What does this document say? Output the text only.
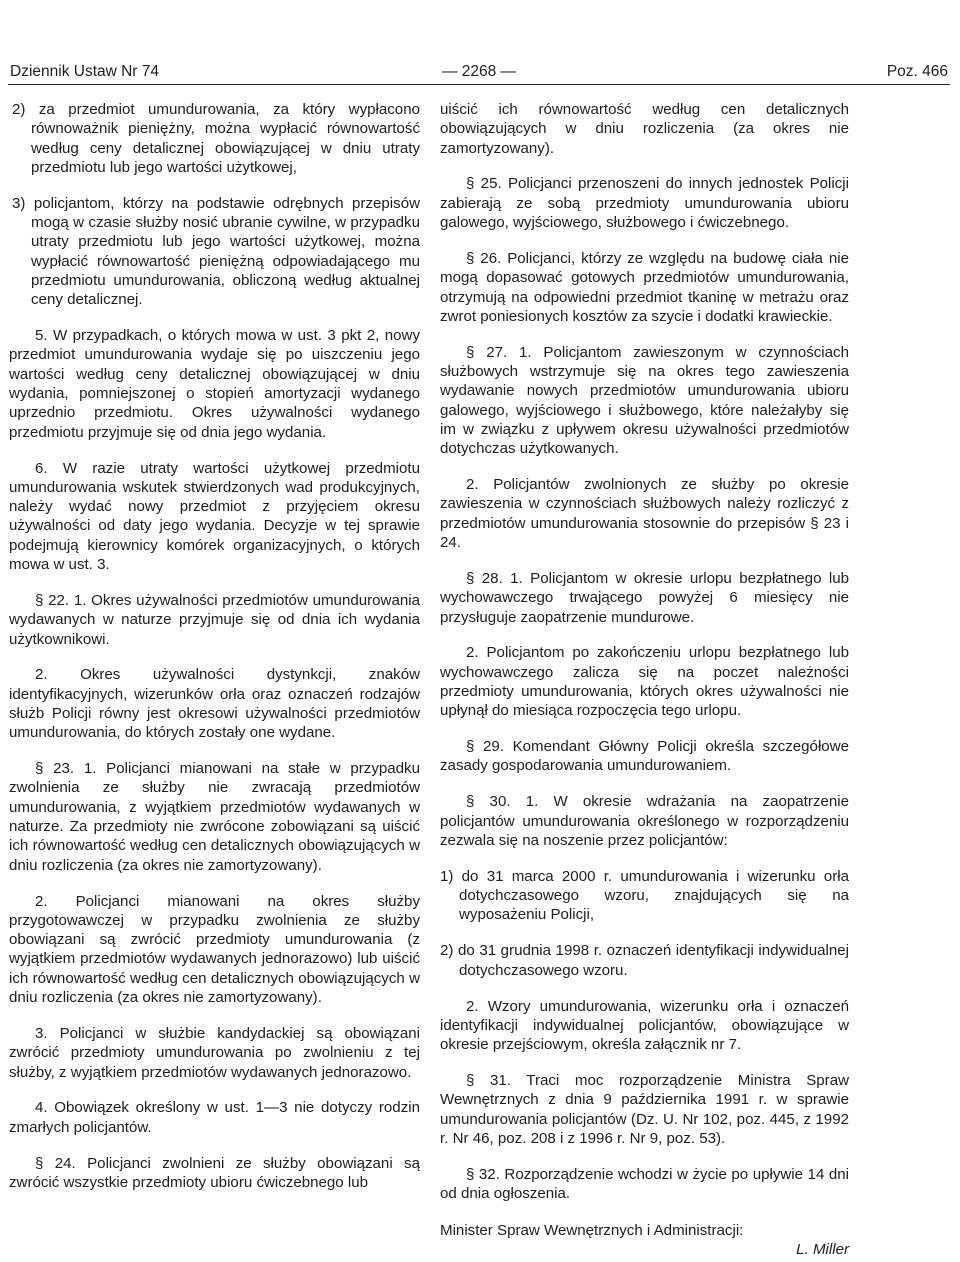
Dziennik Ustaw Nr 74	— 2268 —	Poz. 466

2) za przedmiot umundurowania, za który wypłacono równoważnik pieniężny, można wypłacić równowartość według ceny detalicznej obowiązującej w dniu utraty przedmiotu lub jego wartości użytkowej,

3) policjantom, którzy na podstawie odrębnych przepisów mogą w czasie służby nosić ubranie cywilne, w przypadku utraty przedmiotu lub jego wartości użytkowej, można wypłacić równowartość pieniężną odpowiadającego mu przedmiotu umundurowania, obliczoną według aktualnej ceny detalicznej.

5. W przypadkach, o których mowa w ust. 3 pkt 2, nowy przedmiot umundurowania wydaje się po uiszczeniu jego wartości według ceny detalicznej obowiązującej w dniu wydania, pomniejszonej o stopień amortyzacji wydanego uprzednio przedmiotu. Okres używalności wydanego przedmiotu przyjmuje się od dnia jego wydania.

6. W razie utraty wartości użytkowej przedmiotu umundurowania wskutek stwierdzonych wad produkcyjnych, należy wydać nowy przedmiot z przyjęciem okresu używalności od daty jego wydania. Decyzje w tej sprawie podejmują kierownicy komórek organizacyjnych, o których mowa w ust. 3.

§ 22. 1. Okres używalności przedmiotów umundurowania wydawanych w naturze przyjmuje się od dnia ich wydania użytkownikowi.

2. Okres używalności dystynkcji, znaków identyfikacyjnych, wizerunków orła oraz oznaczeń rodzajów służb Policji równy jest okresowi używalności przedmiotów umundurowania, do których zostały one wydane.

§ 23. 1. Policjanci mianowani na stałe w przypadku zwolnienia ze służby nie zwracają przedmiotów umundurowania, z wyjątkiem przedmiotów wydawanych w naturze. Za przedmioty nie zwrócone zobowiązani są uiścić ich równowartość według cen detalicznych obowiązujących w dniu rozliczenia (za okres nie zamortyzowany).

2. Policjanci mianowani na okres służby przygotowawczej w przypadku zwolnienia ze służby obowiązani są zwrócić przedmioty umundurowania (z wyjątkiem przedmiotów wydawanych jednorazowo) lub uiścić ich równowartość według cen detalicznych obowiązujących w dniu rozliczenia (za okres nie zamortyzowany).

3. Policjanci w służbie kandydackiej są obowiązani zwrócić przedmioty umundurowania po zwolnieniu z tej służby, z wyjątkiem przedmiotów wydawanych jednorazowo.

4. Obowiązek określony w ust. 1—3 nie dotyczy rodzin zmarłych policjantów.

§ 24. Policjanci zwolnieni ze służby obowiązani są zwrócić wszystkie przedmioty ubioru ćwiczebnego lub

uiścić ich równowartość według cen detalicznych obowiązujących w dniu rozliczenia (za okres nie zamortyzowany).

§ 25. Policjanci przenoszeni do innych jednostek Policji zabierają ze sobą przedmioty umundurowania ubioru galowego, wyjściowego, służbowego i ćwiczebnego.

§ 26. Policjanci, którzy ze względu na budowę ciała nie mogą dopasować gotowych przedmiotów umundurowania, otrzymują na odpowiedni przedmiot tkaninę w metrażu oraz zwrot poniesionych kosztów za szycie i dodatki krawieckie.

§ 27. 1. Policjantom zawieszonym w czynnościach służbowych wstrzymuje się na okres tego zawieszenia wydawanie nowych przedmiotów umundurowania ubioru galowego, wyjściowego i służbowego, które należałyby się im w związku z upływem okresu używalności przedmiotów dotychczas użytkowanych.

2. Policjantów zwolnionych ze służby po okresie zawieszenia w czynnościach służbowych należy rozliczyć z przedmiotów umundurowania stosownie do przepisów § 23 i 24.

§ 28. 1. Policjantom w okresie urlopu bezpłatnego lub wychowawczego trwającego powyżej 6 miesięcy nie przysługuje zaopatrzenie mundurowe.

2. Policjantom po zakończeniu urlopu bezpłatnego lub wychowawczego zalicza się na poczet należności przedmioty umundurowania, których okres używalności nie upłynął do miesiąca rozpoczęcia tego urlopu.

§ 29. Komendant Główny Policji określa szczegółowe zasady gospodarowania umundurowaniem.

§ 30. 1. W okresie wdrażania na zaopatrzenie policjantów umundurowania określonego w rozporządzeniu zezwala się na noszenie przez policjantów:

1) do 31 marca 2000 r. umundurowania i wizerunku orła dotychczasowego wzoru, znajdujących się na wyposażeniu Policji,

2) do 31 grudnia 1998 r. oznaczeń identyfikacji indywidualnej dotychczasowego wzoru.

2. Wzory umundurowania, wizerunku orła i oznaczeń identyfikacji indywidualnej policjantów, obowiązujące w okresie przejściowym, określa załącznik nr 7.

§ 31. Traci moc rozporządzenie Ministra Spraw Wewnętrznych z dnia 9 października 1991 r. w sprawie umundurowania policjantów (Dz. U. Nr 102, poz. 445, z 1992 r. Nr 46, poz. 208 i z 1996 r. Nr 9, poz. 53).

§ 32. Rozporządzenie wchodzi w życie po upływie 14 dni od dnia ogłoszenia.

Minister Spraw Wewnętrznych i Administracji:
L. Miller
